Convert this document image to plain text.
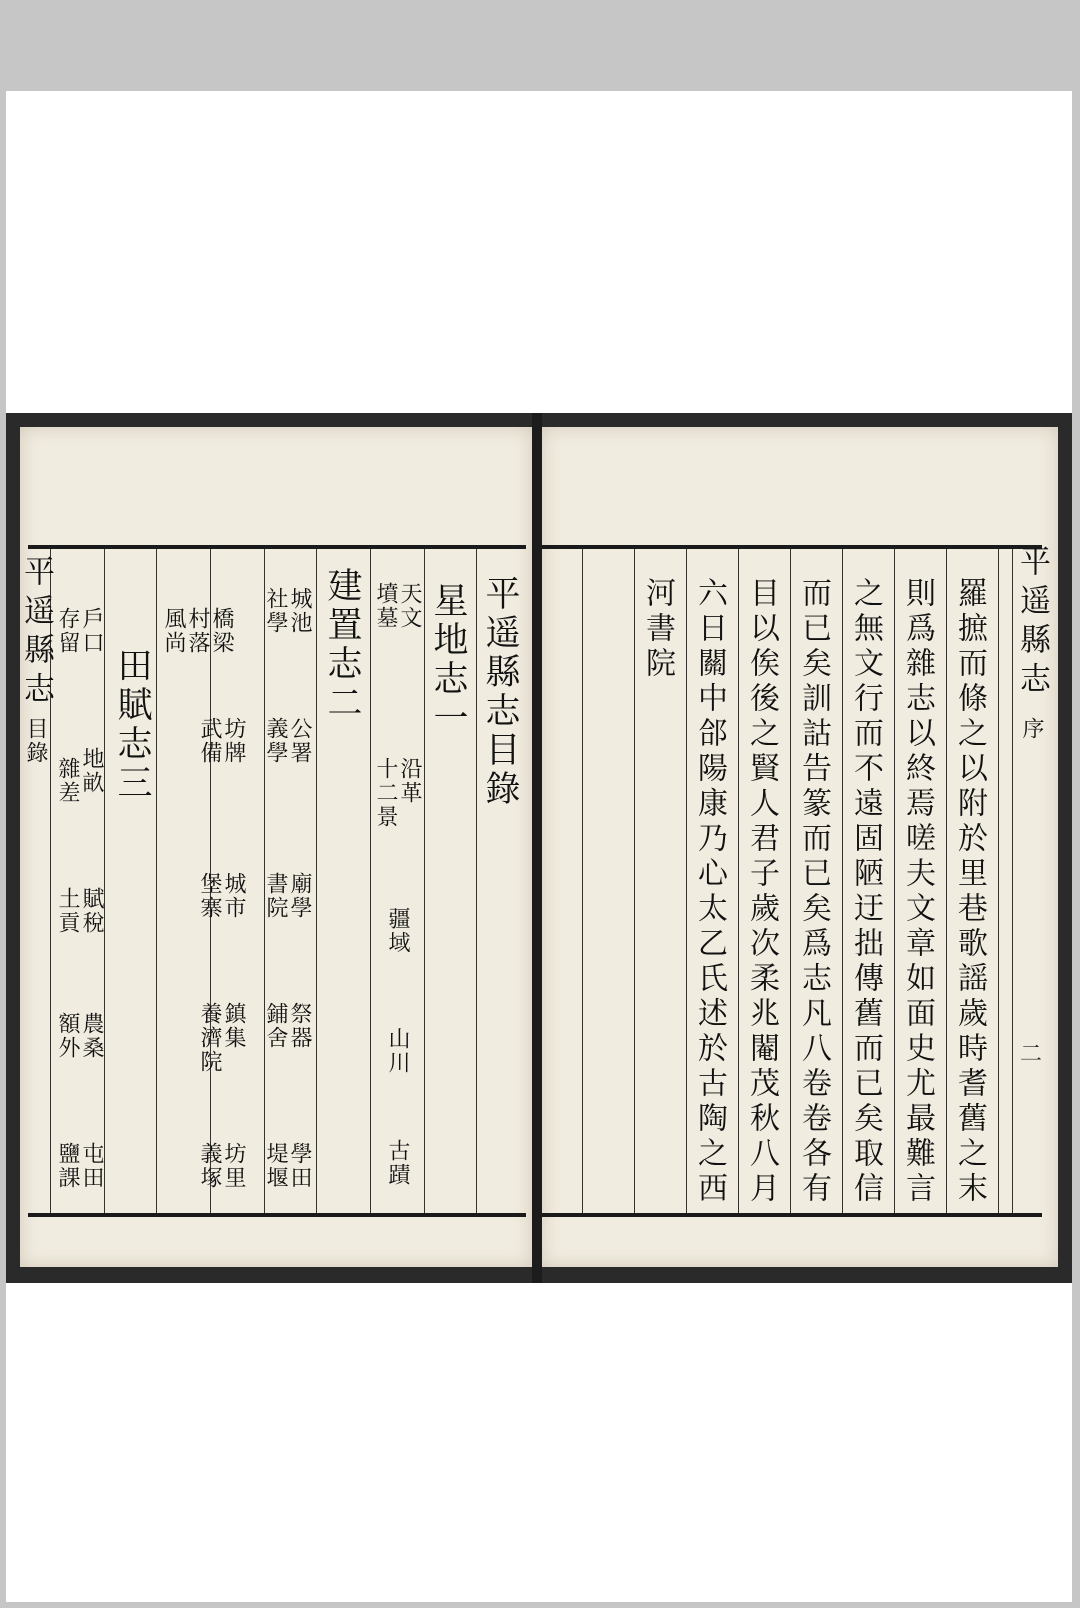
平遥縣志
目錄	平遥縣志目錄
星地志一
天文
墳墓
沿革
十二景
疆域
山川
古蹟
建置志二
城池
社學
橋梁
村落
風尚
公署
義學
坊牌
武備
廟學
書院
城市
堡寨
祭器
鋪舍
鎮集
養濟院
學田
堤堰
坊里
義塚
田賦志三
戶口
存留
地畝
雜差
賦稅
土貢
農桑
額外
屯田
鹽課
平遥縣志
序
二
羅摭而條之以附於里巷歌謡歲時耆舊之末
則爲雜志以終焉嗟夫文章如面史尤最難言
之無文行而不遠固陋迂拙傳舊而已矣取信
而已矣訓詁告篆而已矣爲志凡八卷卷各有
目以俟後之賢人君子歲次柔兆閹茂秋八月
六日關中郃陽康乃心太乙氏述於古陶之西
河書院
